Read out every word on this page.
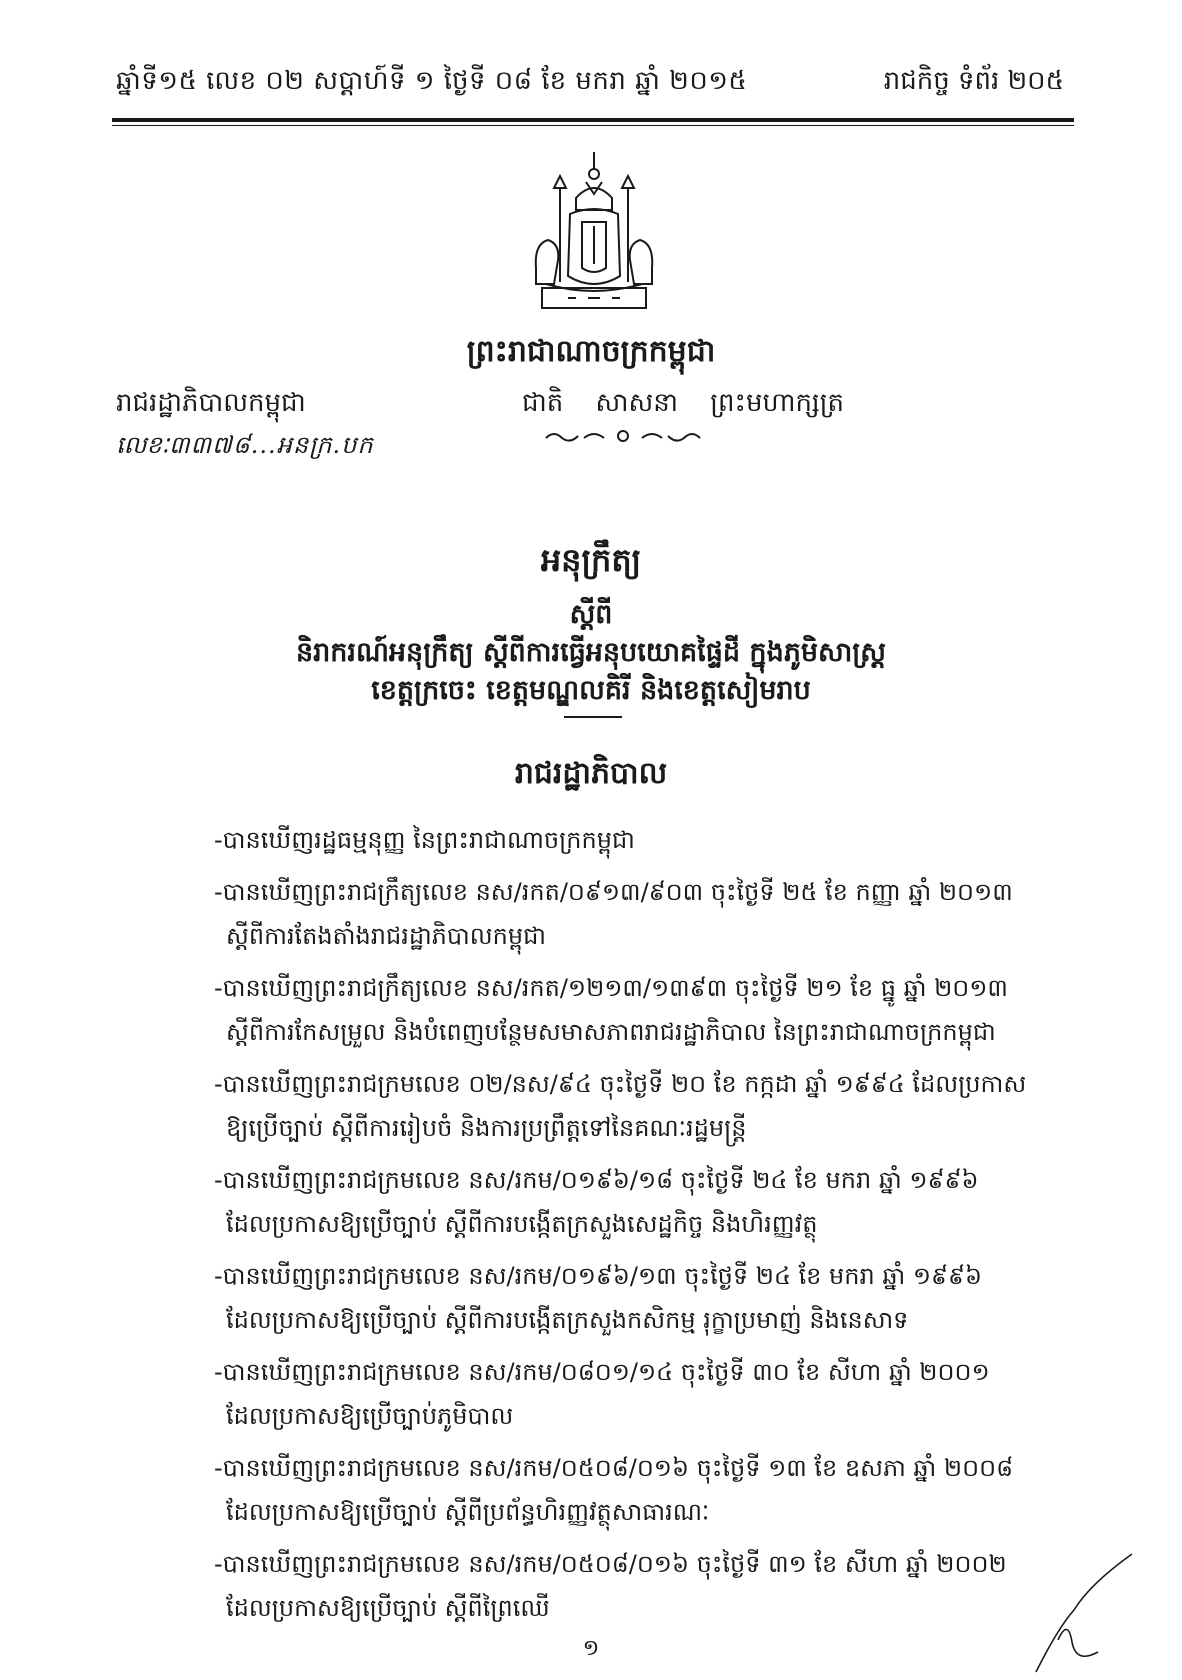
ឆ្នាំទី១៥ លេខ ០២ សប្តាហ៍ទី ១ ថ្ងៃទី ០៨ ខែ មករា ឆ្នាំ ២០១៥	រាជកិច្ច ទំព័រ ២០៥
ព្រះរាជាណាចក្រកម្ពុជា
រាជរដ្ឋាភិបាលកម្ពុជា	ជាតិ សាសនា ព្រះមហាក្សត្រ
លេខៈ៣៣៧៨...អនក្រ.បក
អនុក្រឹត្យ
ស្តីពី
និរាករណ៍អនុក្រឹត្យ ស្តីពីការធ្វើអនុបយោគផ្ទៃដី ក្នុងភូមិសាស្ត្រ
ខេត្តក្រចេះ ខេត្តមណ្ឌលគិរី និងខេត្តសៀមរាប
រាជរដ្ឋាភិបាល
-បានឃើញរដ្ឋធម្មនុញ្ញ នៃព្រះរាជាណាចក្រកម្ពុជា
-បានឃើញព្រះរាជក្រឹត្យលេខ នស/រកត/០៩១៣/៩០៣ ចុះថ្ងៃទី ២៥ ខែ កញ្ញា ឆ្នាំ ២០១៣
ស្តីពីការតែងតាំងរាជរដ្ឋាភិបាលកម្ពុជា
-បានឃើញព្រះរាជក្រឹត្យលេខ នស/រកត/១២១៣/១៣៩៣ ចុះថ្ងៃទី ២១ ខែ ធ្នូ ឆ្នាំ ២០១៣
ស្តីពីការកែសម្រួល និងបំពេញបន្ថែមសមាសភាពរាជរដ្ឋាភិបាល នៃព្រះរាជាណាចក្រកម្ពុជា
-បានឃើញព្រះរាជក្រមលេខ ០២/នស/៩៤ ចុះថ្ងៃទី ២០ ខែ កក្កដា ឆ្នាំ ១៩៩៤ ដែលប្រកាស
ឱ្យប្រើច្បាប់ ស្តីពីការរៀបចំ និងការប្រព្រឹត្តទៅនៃគណៈរដ្ឋមន្ត្រី
-បានឃើញព្រះរាជក្រមលេខ នស/រកម/០១៩៦/១៨ ចុះថ្ងៃទី ២៤ ខែ មករា ឆ្នាំ ១៩៩៦
ដែលប្រកាសឱ្យប្រើច្បាប់ ស្តីពីការបង្កើតក្រសួងសេដ្ឋកិច្ច និងហិរញ្ញវត្ថុ
-បានឃើញព្រះរាជក្រមលេខ នស/រកម/០១៩៦/១៣ ចុះថ្ងៃទី ២៤ ខែ មករា ឆ្នាំ ១៩៩៦
ដែលប្រកាសឱ្យប្រើច្បាប់ ស្តីពីការបង្កើតក្រសួងកសិកម្ម រុក្ខាប្រមាញ់ និងនេសាទ
-បានឃើញព្រះរាជក្រមលេខ នស/រកម/០៨០១/១៤ ចុះថ្ងៃទី ៣០ ខែ សីហា ឆ្នាំ ២០០១
ដែលប្រកាសឱ្យប្រើច្បាប់ភូមិបាល
-បានឃើញព្រះរាជក្រមលេខ នស/រកម/០៥០៨/០១៦ ចុះថ្ងៃទី ១៣ ខែ ឧសភា ឆ្នាំ ២០០៨
ដែលប្រកាសឱ្យប្រើច្បាប់ ស្តីពីប្រព័ន្ធហិរញ្ញវត្ថុសាធារណៈ
-បានឃើញព្រះរាជក្រមលេខ នស/រកម/០៥០៨/០១៦ ចុះថ្ងៃទី ៣១ ខែ សីហា ឆ្នាំ ២០០២
ដែលប្រកាសឱ្យប្រើច្បាប់ ស្តីពីព្រៃឈើ
១
